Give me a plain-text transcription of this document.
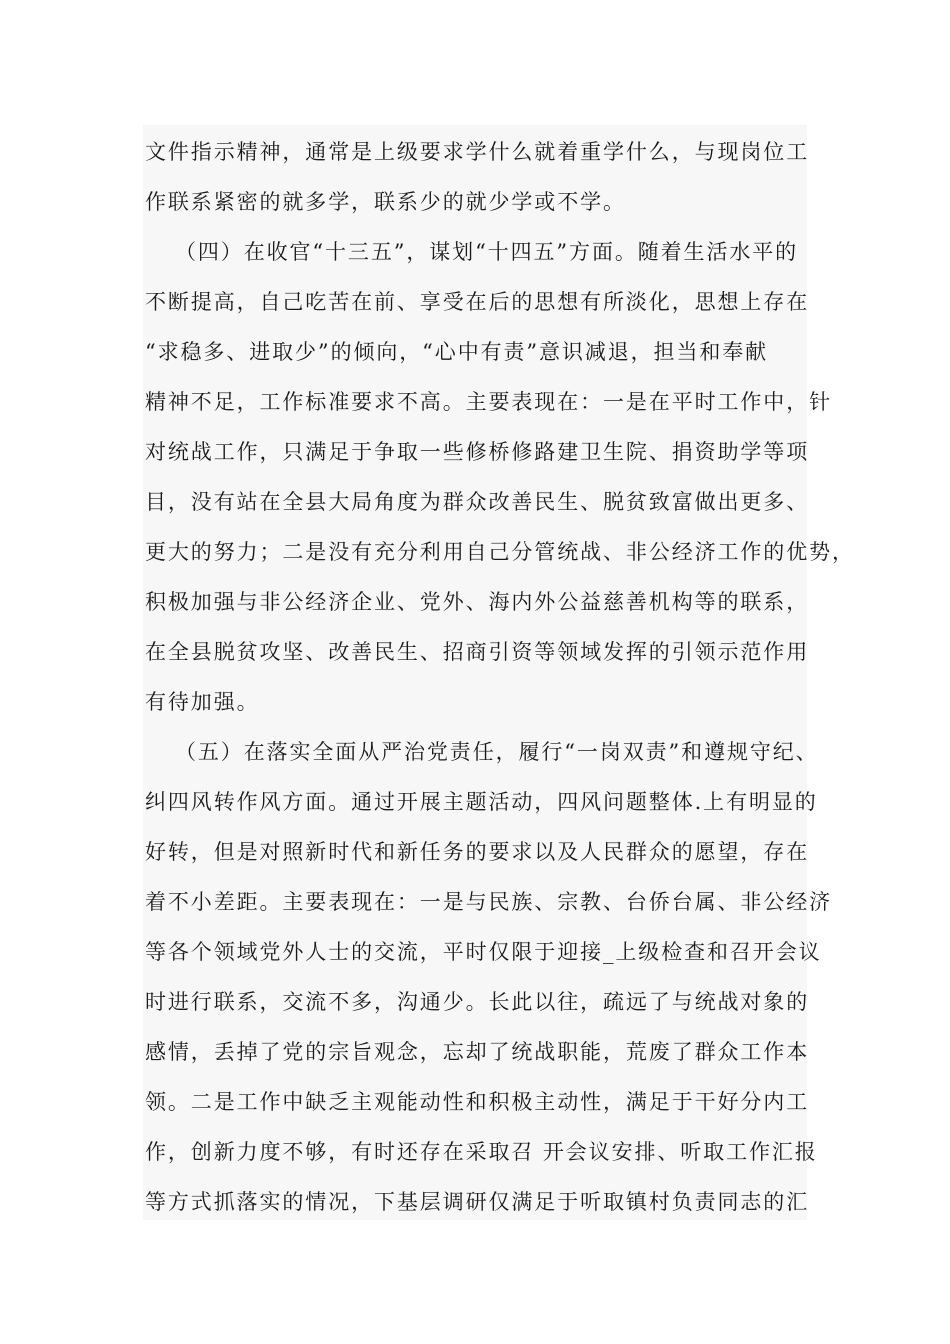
文件指示精神，通常是上级要求学什么就着重学什么，与现岗位工
作联系紧密的就多学，联系少的就少学或不学。
（四）在收官“十三五”，谋划“十四五”方面。随着生活水平的
不断提高，自己吃苦在前、享受在后的思想有所淡化，思想上存在
“求稳多、进取少”的倾向，“心中有责”意识减退，担当和奉献
精神不足，工作标准要求不高。主要表现在：一是在平时工作中，针
对统战工作，只满足于争取一些修桥修路建卫生院、捐资助学等项
目，没有站在全县大局角度为群众改善民生、脱贫致富做出更多、
更大的努力；二是没有充分利用自己分管统战、非公经济工作的优势，
积极加强与非公经济企业、党外、海内外公益慈善机构等的联系，
在全县脱贫攻坚、改善民生、招商引资等领域发挥的引领示范作用
有待加强。
（五）在落实全面从严治党责任，履行“一岗双责”和遵规守纪、
纠四风转作风方面。通过开展主题活动，四风问题整体.上有明显的
好转，但是对照新时代和新任务的要求以及人民群众的愿望，存在
着不小差距。主要表现在：一是与民族、宗教、台侨台属、非公经济
等各个领域党外人士的交流，平时仅限于迎接_上级检查和召开会议
时进行联系，交流不多，沟通少。长此以往，疏远了与统战对象的
感情，丢掉了党的宗旨观念，忘却了统战职能，荒废了群众工作本
领。二是工作中缺乏主观能动性和积极主动性，满足于干好分内工
作，创新力度不够，有时还存在采取召 开会议安排、听取工作汇报
等方式抓落实的情况，下基层调研仅满足于听取镇村负责同志的汇
